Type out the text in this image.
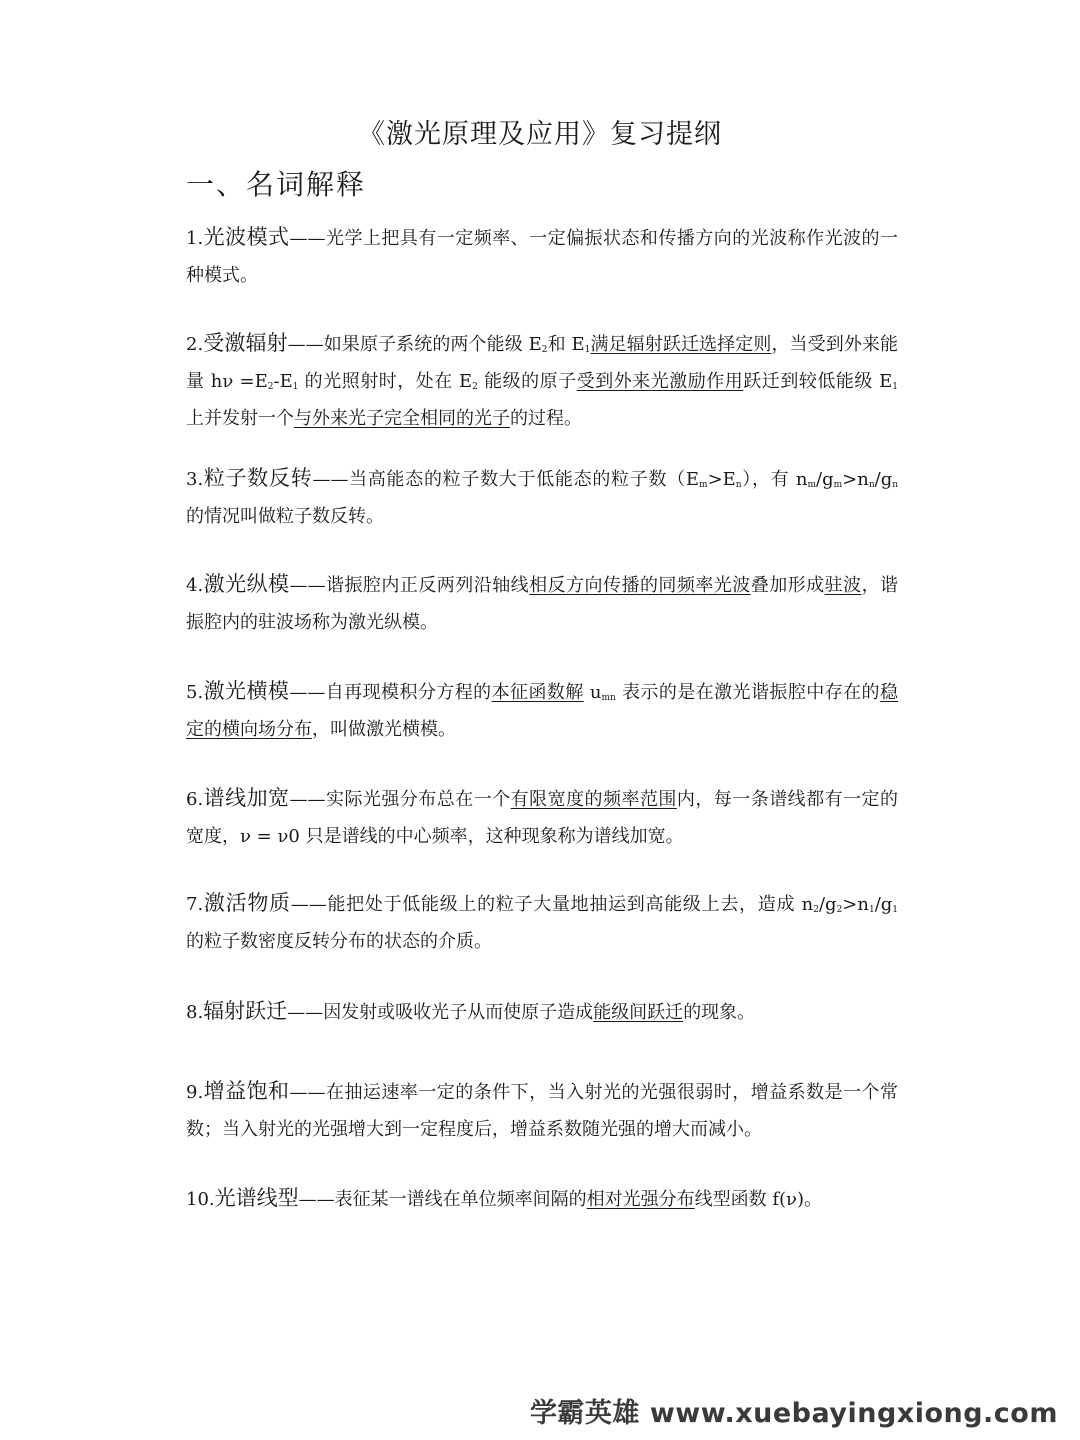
《激光原理及应用》复习提纲
一、名词解释
1.光波模式——光学上把具有一定频率、一定偏振状态和传播方向的光波称作光波的一种模式。
2.受激辐射——如果原子系统的两个能级 $E_2$和 $E_1$满足辐射跃迁选择定则，当受到外来能量 $h\nu =E_2-E_1$ 的光照射时，处在 $E_2$ 能级的原子受到外来光激励作用跃迁到较低能级 $E_1$ 上并发射一个与外来光子完全相同的光子的过程。
3.粒子数反转——当高能态的粒子数大于低能态的粒子数$(E_m>E_n)$，有 $n_m/g_m>n_n/g_n$ 的情况叫做粒子数反转。
4.激光纵模——谐振腔内正反两列沿轴线相反方向传播的同频率光波叠加形成驻波，谐振腔内的驻波场称为激光纵模。
5.激光横模——自再现模积分方程的本征函数解 $u_{mn}$ 表示的是在激光谐振腔中存在的稳定的横向场分布，叫做激光横模。
6.谱线加宽——实际光强分布总在一个有限宽度的频率范围内，每一条谱线都有一定的宽度，ν = ν0 只是谱线的中心频率，这种现象称为谱线加宽。
7.激活物质——能把处于低能级上的粒子大量地抽运到高能级上去，造成 $n_2/g_2>n_1/g_1$ 的粒子数密度反转分布的状态的介质。
8.辐射跃迁——因发射或吸收光子从而使原子造成能级间跃迁的现象。
9.增益饱和——在抽运速率一定的条件下，当入射光的光强很弱时，增益系数是一个常数；当入射光的光强增大到一定程度后，增益系数随光强的增大而减小。
10.光谱线型——表征某一谱线在单位频率间隔的相对光强分布线型函数 f(ν)。
学霸英雄 www.xuebayingxiong.com
